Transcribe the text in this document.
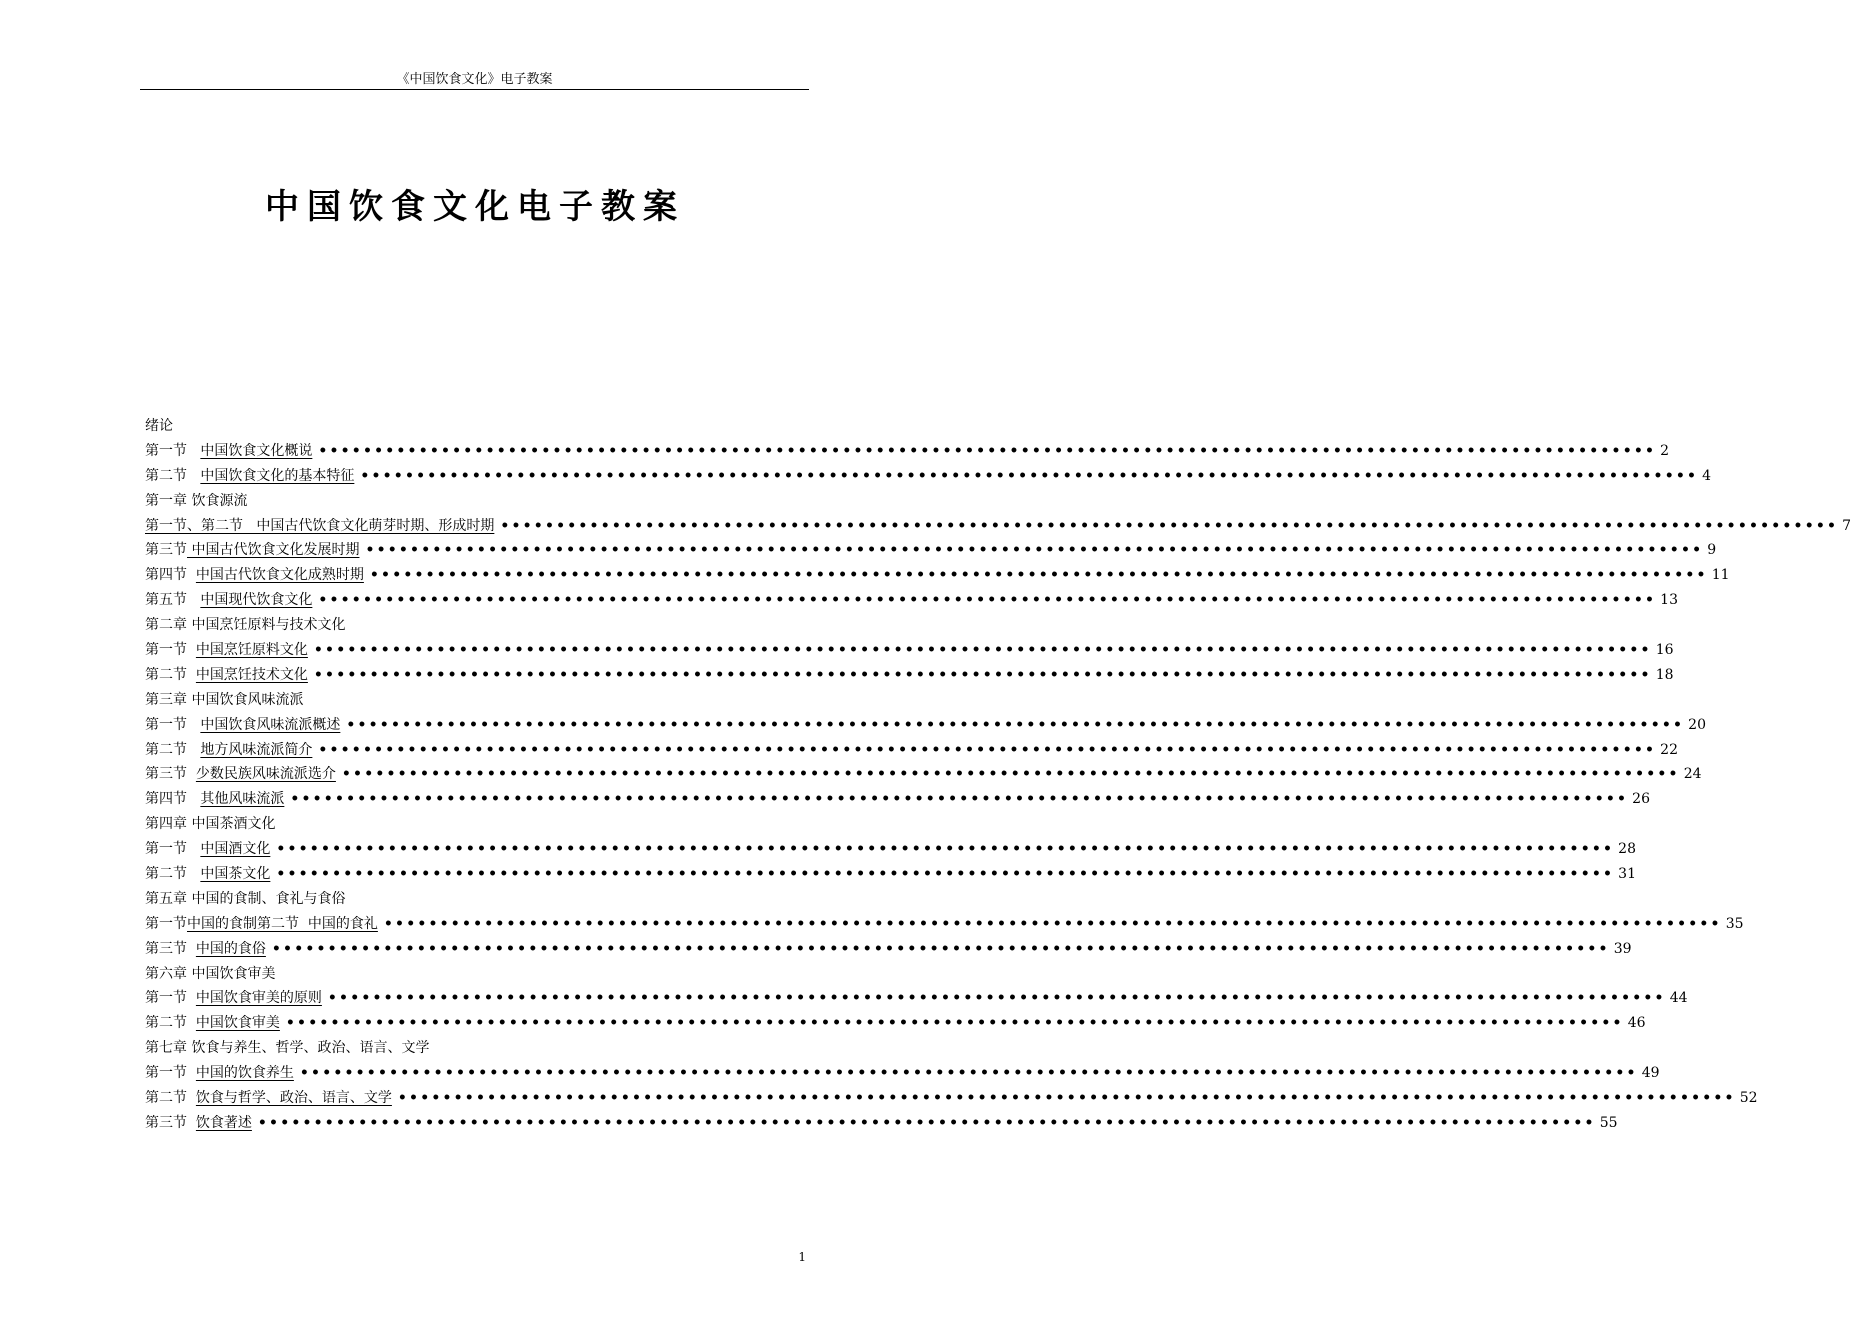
《中国饮食文化》电子教案
中国饮食文化电子教案
绪论
第一节 中国饮食文化概说 •••••••••••••••••••••••••••••••••••••••••••••••••••••••••••••••••••••••••••••••••••••••••••••••••••••••••••••••••••••••• 2
第二节 中国饮食文化的基本特征 •••••••••••••••••••••••••••••••••••••••••••••••••••••••••••••••••••••••••••••••••••••••••••••••••••••••••••••••••••••••• 4
第一章 饮食源流
第一节、第二节   中国古代饮食文化萌芽时期、形成时期 •••••••••••••••••••••••••••••••••••••••••••••••••••••••••••••••••••••••••••••••••••••••••••••••••••••••••••••••••••••••• 7
第三节 中国古代饮食文化发展时期 •••••••••••••••••••••••••••••••••••••••••••••••••••••••••••••••••••••••••••••••••••••••••••••••••••••••••••••••••••••••• 9
第四节 中国古代饮食文化成熟时期 •••••••••••••••••••••••••••••••••••••••••••••••••••••••••••••••••••••••••••••••••••••••••••••••••••••••••••••••••••••••• 11
第五节 中国现代饮食文化 •••••••••••••••••••••••••••••••••••••••••••••••••••••••••••••••••••••••••••••••••••••••••••••••••••••••••••••••••••••••• 13
第二章 中国烹饪原料与技术文化
第一节 中国烹饪原料文化 •••••••••••••••••••••••••••••••••••••••••••••••••••••••••••••••••••••••••••••••••••••••••••••••••••••••••••••••••••••••• 16
第二节 中国烹饪技术文化 •••••••••••••••••••••••••••••••••••••••••••••••••••••••••••••••••••••••••••••••••••••••••••••••••••••••••••••••••••••••• 18
第三章 中国饮食风味流派
第一节 中国饮食风味流派概述 •••••••••••••••••••••••••••••••••••••••••••••••••••••••••••••••••••••••••••••••••••••••••••••••••••••••••••••••••••••••• 20
第二节 地方风味流派简介 •••••••••••••••••••••••••••••••••••••••••••••••••••••••••••••••••••••••••••••••••••••••••••••••••••••••••••••••••••••••• 22
第三节 少数民族风味流派选介 •••••••••••••••••••••••••••••••••••••••••••••••••••••••••••••••••••••••••••••••••••••••••••••••••••••••••••••••••••••••• 24
第四节 其他风味流派 •••••••••••••••••••••••••••••••••••••••••••••••••••••••••••••••••••••••••••••••••••••••••••••••••••••••••••••••••••••••• 26
第四章 中国茶酒文化
第一节 中国酒文化 •••••••••••••••••••••••••••••••••••••••••••••••••••••••••••••••••••••••••••••••••••••••••••••••••••••••••••••••••••••••• 28
第二节 中国茶文化 •••••••••••••••••••••••••••••••••••••••••••••••••••••••••••••••••••••••••••••••••••••••••••••••••••••••••••••••••••••••• 31
第五章 中国的食制、食礼与食俗
第一节 中国的食制第二节  中国的食礼 •••••••••••••••••••••••••••••••••••••••••••••••••••••••••••••••••••••••••••••••••••••••••••••••••••••••••••••••••••••••• 35
第三节 中国的食俗 •••••••••••••••••••••••••••••••••••••••••••••••••••••••••••••••••••••••••••••••••••••••••••••••••••••••••••••••••••••••• 39
第六章 中国饮食审美
第一节 中国饮食审美的原则 •••••••••••••••••••••••••••••••••••••••••••••••••••••••••••••••••••••••••••••••••••••••••••••••••••••••••••••••••••••••• 44
第二节 中国饮食审美 •••••••••••••••••••••••••••••••••••••••••••••••••••••••••••••••••••••••••••••••••••••••••••••••••••••••••••••••••••••••• 46
第七章 饮食与养生、哲学、政治、语言、文学
第一节 中国的饮食养生 •••••••••••••••••••••••••••••••••••••••••••••••••••••••••••••••••••••••••••••••••••••••••••••••••••••••••••••••••••••••• 49
第二节 饮食与哲学、政治、语言、文学 •••••••••••••••••••••••••••••••••••••••••••••••••••••••••••••••••••••••••••••••••••••••••••••••••••••••••••••••••••••••• 52
第三节 饮食著述 •••••••••••••••••••••••••••••••••••••••••••••••••••••••••••••••••••••••••••••••••••••••••••••••••••••••••••••••••••••••• 55
1
